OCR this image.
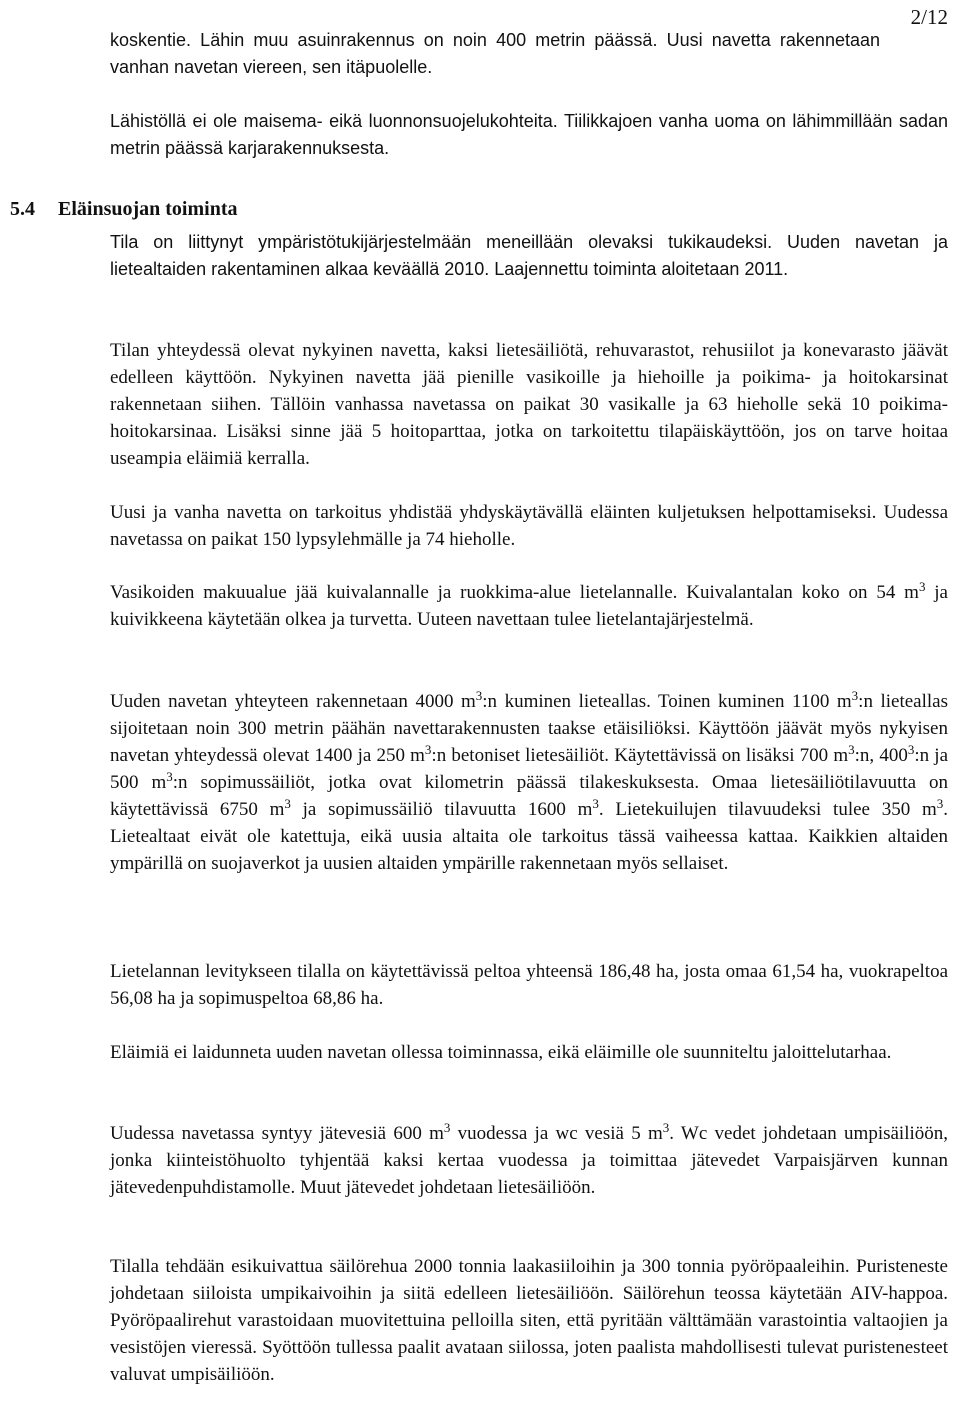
2/12

koskentie. Lähin muu asuinrakennus on noin 400 metrin päässä. Uusi navetta rakennetaan vanhan navetan viereen, sen itäpuolelle.

Lähistöllä ei ole maisema- eikä luonnonsuojelukohteita. Tiilikkajoen vanha uoma on lähimmillään sadan metrin päässä karjarakennuksesta.

5.4 Eläinsuojan toiminta

Tila on liittynyt ympäristötukijärjestelmään meneillään olevaksi tukikaudeksi. Uuden navetan ja lietealtaiden rakentaminen alkaa keväällä 2010. Laajennettu toiminta aloitetaan 2011.

Tilan yhteydessä olevat nykyinen navetta, kaksi lietesäiliötä, rehuvarastot, rehusiilot ja konevarasto jäävät edelleen käyttöön. Nykyinen navetta jää pienille vasikoille ja hiehoille ja poikima- ja hoitokarsinat rakennetaan siihen. Tällöin vanhassa navetassa on paikat 30 vasikalle ja 63 hieholle sekä 10 poikima-hoitokarsinaa. Lisäksi sinne jää 5 hoitoparttaa, jotka on tarkoitettu tilapäiskäyttöön, jos on tarve hoitaa useampia eläimiä kerralla.

Uusi ja vanha navetta on tarkoitus yhdistää yhdyskäytävällä eläinten kuljetuksen helpottamiseksi. Uudessa navetassa on paikat 150 lypsylehmälle ja 74 hieholle.

Vasikoiden makuualue jää kuivalannalle ja ruokkima-alue lietelannalle. Kuivalantalan koko on 54 $m^3$ ja kuivikkeena käytetään olkea ja turvetta. Uuteen navettaan tulee lietelantajärjestelmä.

Uuden navetan yhteyteen rakennetaan 4000 $m^3:n$ kuminen lieteallas. Toinen kuminen 1100 $m^3:n$ lieteallas sijoitetaan noin 300 metrin päähän navettarakennusten taakse etäisiliöksi. Käyttöön jäävät myös nykyisen navetan yhteydessä olevat 1400 ja 250 $m^3:n$ betoniset lietesäiliöt. Käytettävissä on lisäksi 700 $m^3:n$, $400^3:n$ ja 500 $m^3:n$ sopimussäiliöt, jotka ovat kilometrin päässä tilakeskuksesta. Omaa lietesäiliötilavuutta on käytettävissä 6750 $m^3$ ja sopimussäiliö tilavuutta 1600 $m^3$. Lietekuilujen tilavuudeksi tulee 350 $m^3$. Lietealtaat eivät ole katettuja, eikä uusia altaita ole tarkoitus tässä vaiheessa kattaa. Kaikkien altaiden ympärillä on suojaverkot ja uusien altaiden ympärille rakennetaan myös sellaiset.

Lietelannan levitykseen tilalla on käytettävissä peltoa yhteensä 186,48 ha, josta omaa 61,54 ha, vuokrapeltoa 56,08 ha ja sopimuspeltoa 68,86 ha.

Eläimiä ei laidunneta uuden navetan ollessa toiminnassa, eikä eläimille ole suunniteltu jaloittelutarhaa.

Uudessa navetassa syntyy jätevesiä 600 $m^3$ vuodessa ja wc vesiä 5 $m^3$. Wc vedet johdetaan umpisäiliöön, jonka kiinteistöhuolto tyhjentää kaksi kertaa vuodessa ja toimittaa jätevedet Varpaisjärven kunnan jätevedenpuhdistamolle. Muut jätevedet johdetaan lietesäiliöön.

Tilalla tehdään esikuivattua säilörehua 2000 tonnia laakasiiloihin ja 300 tonnia pyöröpaaleihin. Puristeneste johdetaan siiloista umpikaivoihin ja siitä edelleen lietesäiliöön. Säilörehun teossa käytetään AIV-happoa. Pyöröpaalirehut varastoidaan muovitettuina pelloilla siten, että pyritään välttämään varastointia valtaojien ja vesistöjen vieressä. Syöttöön tullessa paalit avataan siilossa, joten paalista mahdollisesti tulevat puristenesteet valuvat umpisäiliöön.
